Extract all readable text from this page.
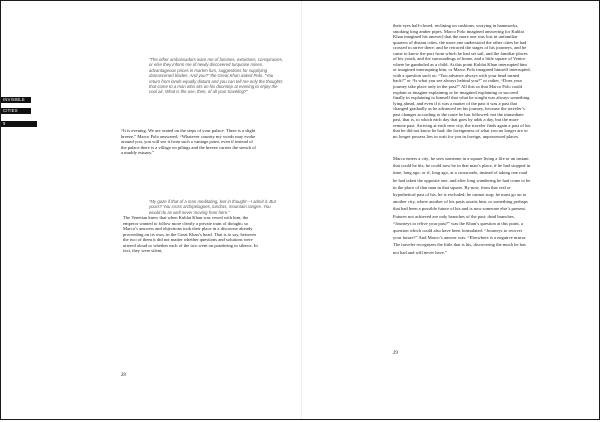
INVISIBLE
CITIES
9
“The other ambassadors warn me of famines, extortions, conspiracies, or else they inform me of newly discovered turquoise mines, advantageous prices in marten furs, suggestions for supplying damascened blades. And you?” the Great Khan asked Polo. “You return from lands equally distant and you can tell me only the thoughts that come to a man who sits on his doorstep at evening to enjoy the cool air. What is the use, then, of all your traveling?”
“It is evening. We are seated on the steps of your palace. There is a slight breeze,” Marco Polo answered. “Whatever country my words may evoke around you, you will see it from such a vantage point, even if instead of the palace there is a village on pilings and the breeze carries the stench of a muddy estuary.”
“My gaze if that of a man meditating, lost in thought—I admit it. But yours? You cross archipelagoes, tundras, mountain ranges. You would do as well never moving from here.”
The Venetian knew that when Kublai Khan was vexed with him, the emperor wanted to follow more clearly a private train of thought; so Marco’s answers and objections took their place in a discourse already proceeding on its own, in the Great Khan’s head. That is to say, between the two of them it did not matter whether questions and solutions were uttered aloud or whether each of the two went on pondering in silence. In fact, they were silent,
their eyes half-closed, reclining on cushions, swaying in hammocks, smoking long amber pipes. Marco Polo imagined answering (or Kublai Khan imagined his answer) that the more one was lost in unfamiliar quarters of distant cities, the more one understood the other cities he had crossed to arrive there; and he retraced the stages of his journeys, and he came to know the port from which he had set sail, and the familiar places of his youth, and the surroundings of home, and a little square of Venice where he gamboled as a child. At this point Kublai Khan interrupted him or imagined interrupting him, or Marco Polo imagined himself interrupted, with a question such as: “You advance always with your head turned back?” or “Is what you see always behind you?” or rather, “Does your journey take place only in the past?” All this so that Marco Polo could explain or imagine explaining or be imagined explaining or succeed finally in explaining to himself that what he sought was always something lying ahead, and even if it was a matter of the past it was a past that changed gradually as he advanced on his journey, because the traveler’s past changes according to the route he has followed: not the immediate past, that is, to which each day that goes by adds a day, but the more remote past. Arriving at each new city, the traveler finds again a past of his that he did not know he had: the foreignness of what you no longer are or no longer possess lies in wait for you in foreign, unpossessed places.
Marco enters a city; he sees someone in a square living a life or an instant that could be his; he could now be in that man’s place, if he had stopped in time, long ago; or if, long ago, at a crossroads, instead of taking one road he had taken the opposite one, and after long wandering he had come to be in the place of that man in that square. By now, from that real or hypothetical past of his, he is excluded; he cannot stop; he must go on to another city, where another of his pasts awaits him, or something perhaps that had been a possible future of his and is now someone else’s present. Futures not achieved are only branches of the past: dead branches. “Journeys to relive your past?” was the Khan’s question at this point, a question which could also have been formulated: “Journeys to recover your future?” And Marco’s answer was: “Elsewhere is a negative mirror. The traveler recognizes the little that is his, discovering the much he has not had and will never have.”
28
29
